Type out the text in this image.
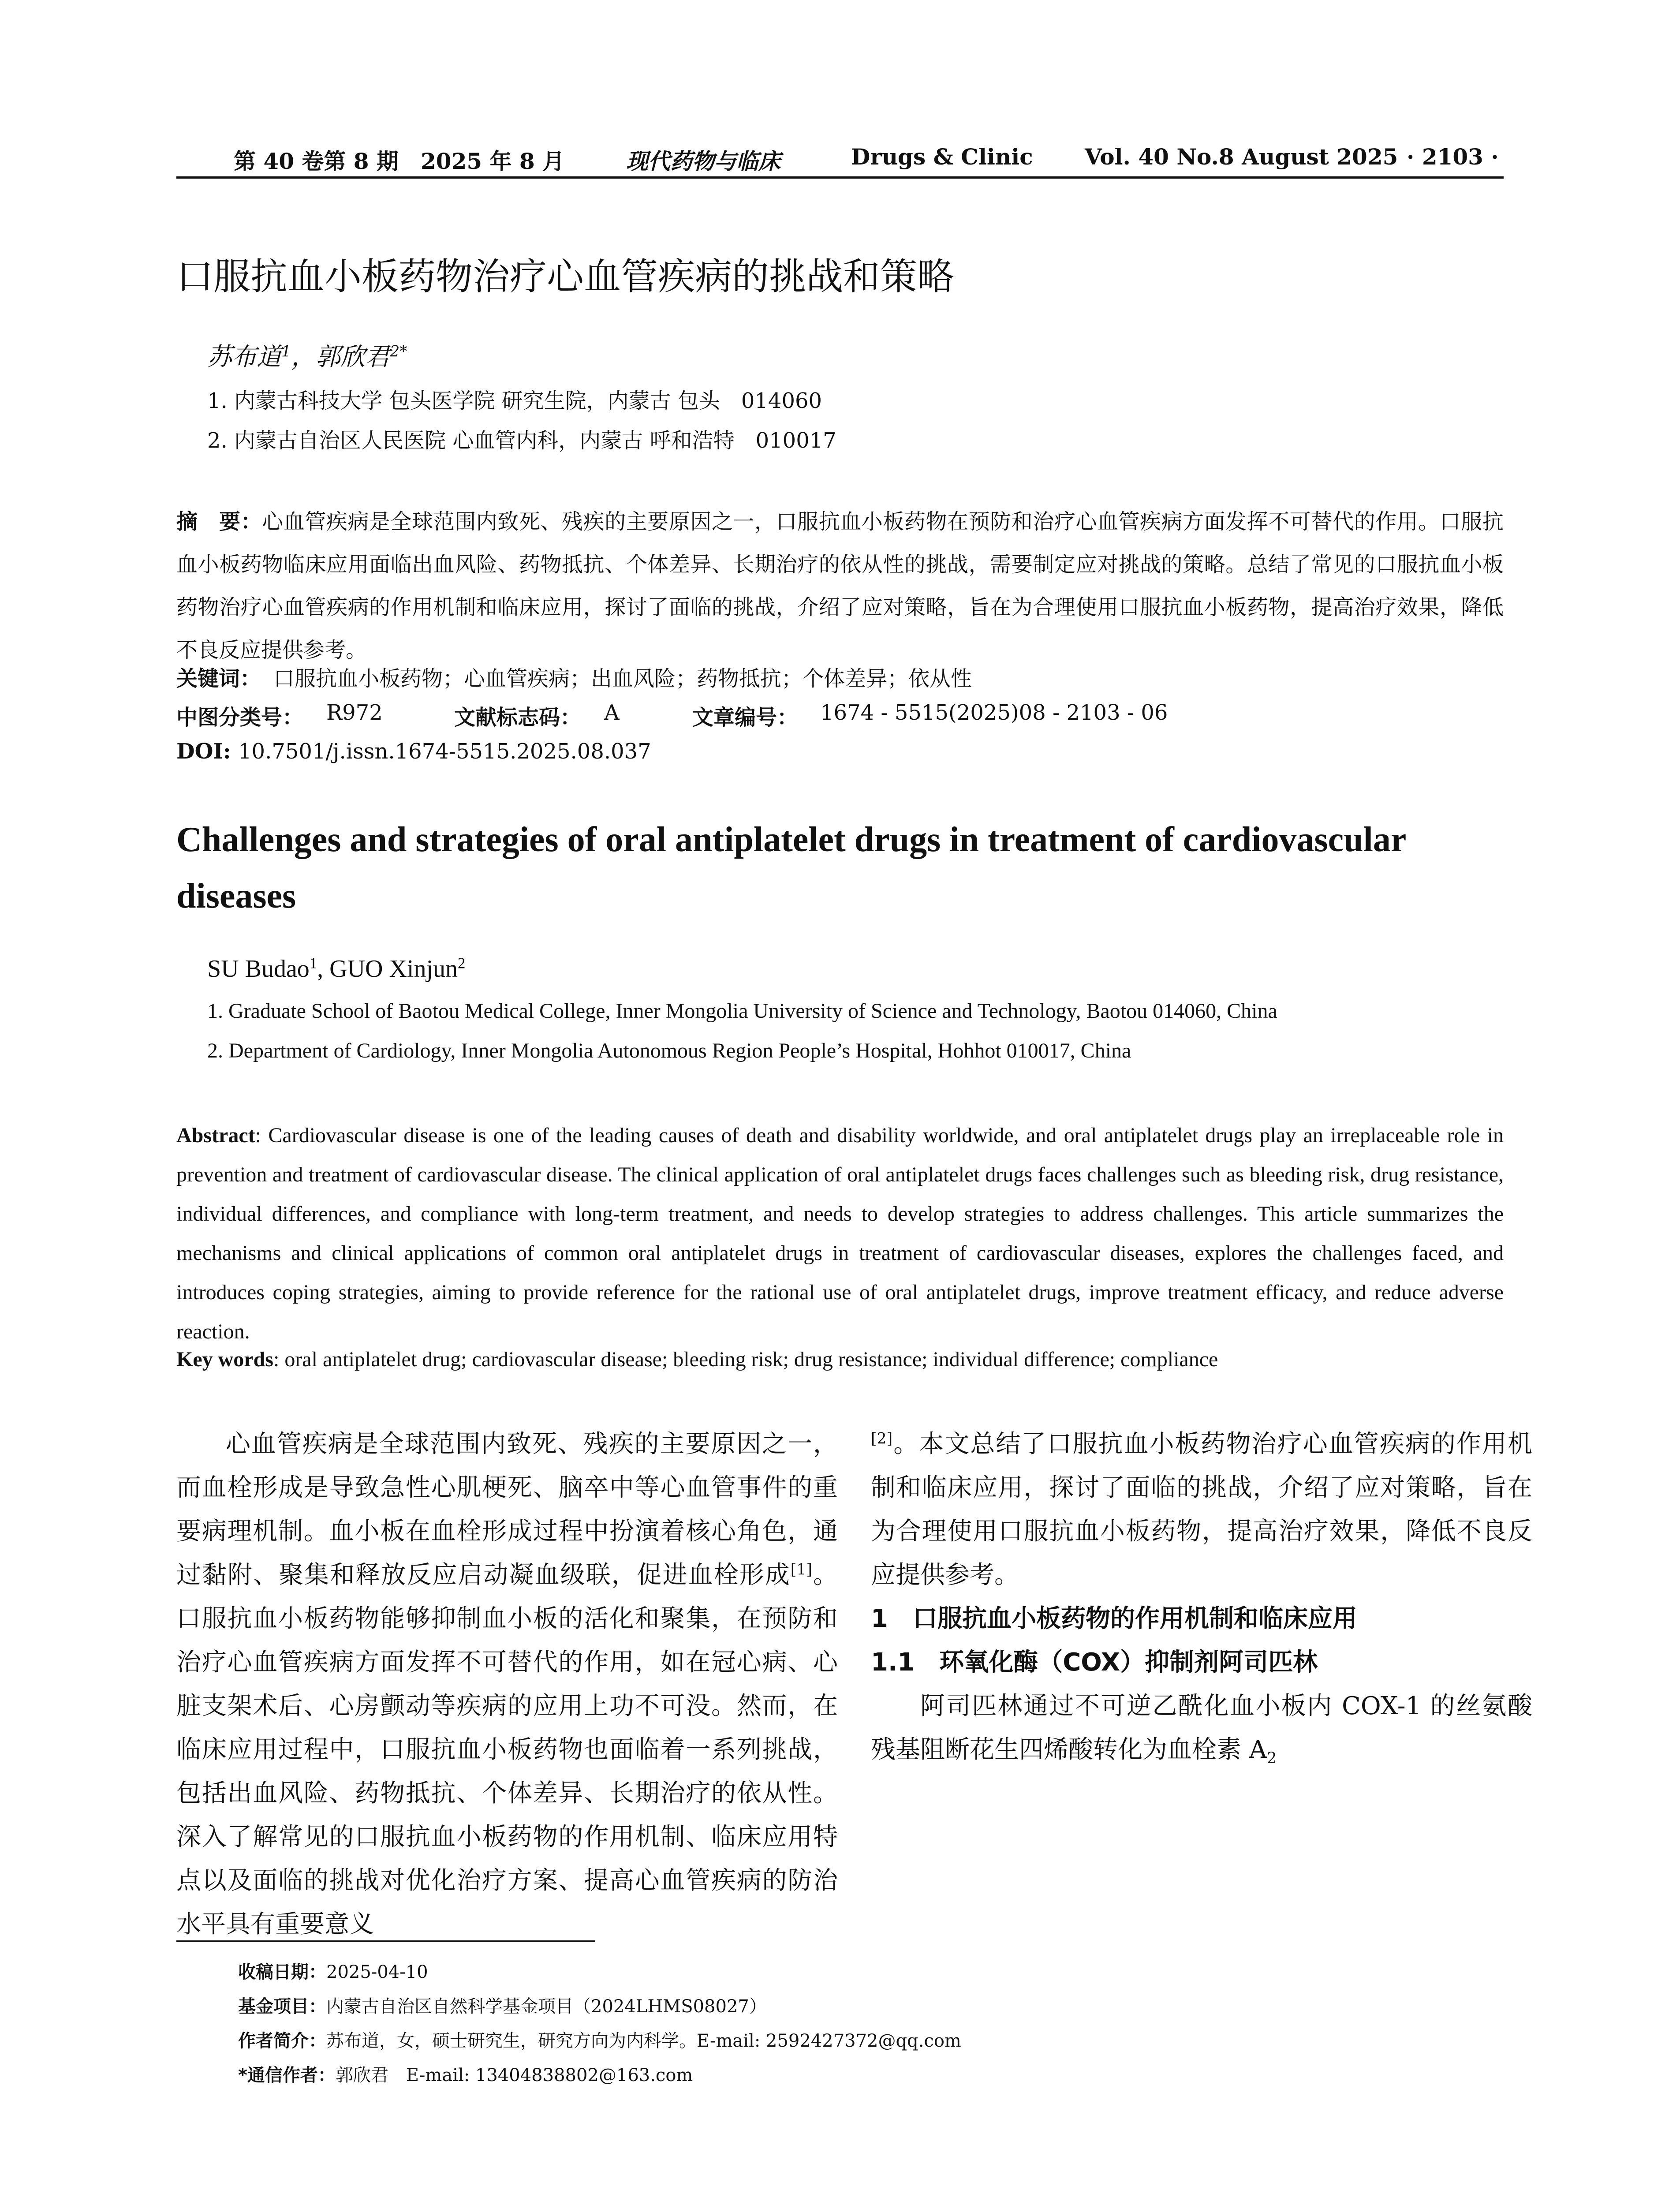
第 40 卷第 8 期　2025 年 8 月	现代药物与临床	Drugs & Clinic Vol. 40 No.8 August 2025 · 2103 ·
口服抗血小板药物治疗心血管疾病的挑战和策略
苏布道$^1$，郭欣君$^{2*}$
1. 内蒙古科技大学 包头医学院 研究生院，内蒙古 包头　014060
2. 内蒙古自治区人民医院 心血管内科，内蒙古 呼和浩特　010017
摘　要：心血管疾病是全球范围内致死、残疾的主要原因之一，口服抗血小板药物在预防和治疗心血管疾病方面发挥不可替代的作用。口服抗血小板药物临床应用面临出血风险、药物抵抗、个体差异、长期治疗的依从性的挑战，需要制定应对挑战的策略。总结了常见的口服抗血小板药物治疗心血管疾病的作用机制和临床应用，探讨了面临的挑战，介绍了应对策略，旨在为合理使用口服抗血小板药物，提高治疗效果，降低不良反应提供参考。
关键词： 口服抗血小板药物；心血管疾病；出血风险；药物抵抗；个体差异；依从性
中图分类号： R972	文献标志码： A	文章编号： 1674 - 5515(2025)08 - 2103 - 06
DOI: 10.7501/j.issn.1674-5515.2025.08.037
Challenges and strategies of oral antiplatelet drugs in treatment of cardiovascular diseases
SU Budao$^1$, GUO Xinjun$^2$
1. Graduate School of Baotou Medical College, Inner Mongolia University of Science and Technology, Baotou 014060, China
2. Department of Cardiology, Inner Mongolia Autonomous Region People’s Hospital, Hohhot 010017, China
Abstract: Cardiovascular disease is one of the leading causes of death and disability worldwide, and oral antiplatelet drugs play an irreplaceable role in prevention and treatment of cardiovascular disease. The clinical application of oral antiplatelet drugs faces challenges such as bleeding risk, drug resistance, individual differences, and compliance with long-term treatment, and needs to develop strategies to address challenges. This article summarizes the mechanisms and clinical applications of common oral antiplatelet drugs in treatment of cardiovascular diseases, explores the challenges faced, and introduces coping strategies, aiming to provide reference for the rational use of oral antiplatelet drugs, improve treatment efficacy, and reduce adverse reaction.
Key words: oral antiplatelet drug; cardiovascular disease; bleeding risk; drug resistance; individual difference; compliance
心血管疾病是全球范围内致死、残疾的主要原因之一，而血栓形成是导致急性心肌梗死、脑卒中等心血管事件的重要病理机制。血小板在血栓形成过程中扮演着核心角色，通过黏附、聚集和释放反应启动凝血级联，促进血栓形成[1]。口服抗血小板药物能够抑制血小板的活化和聚集，在预防和治疗心血管疾病方面发挥不可替代的作用，如在冠心病、心脏支架术后、心房颤动等疾病的应用上功不可没。然而，在临床应用过程中，口服抗血小板药物也面临着一系列挑战，包括出血风险、药物抵抗、个体差异、长期治疗的依从性。深入了解常见的口服抗血小板药物的作用机制、临床应用特点以及面临的挑战对优化治疗方案、提高心血管疾病的防治水平具有重要意义
[2]。本文总结了口服抗血小板药物治疗心血管疾病的作用机制和临床应用，探讨了面临的挑战，介绍了应对策略，旨在为合理使用口服抗血小板药物，提高治疗效果，降低不良反应提供参考。
1　口服抗血小板药物的作用机制和临床应用
1.1　环氧化酶（COX）抑制剂阿司匹林
阿司匹林通过不可逆乙酰化血小板内 COX-1 的丝氨酸残基阻断花生四烯酸转化为血栓素 $A_2$
收稿日期：2025-04-10
基金项目：内蒙古自治区自然科学基金项目（2024LHMS08027）
作者简介：苏布道，女，硕士研究生，研究方向为内科学。E-mail: 2592427372@qq.com
*通信作者：郭欣君　E-mail: 13404838802@163.com
